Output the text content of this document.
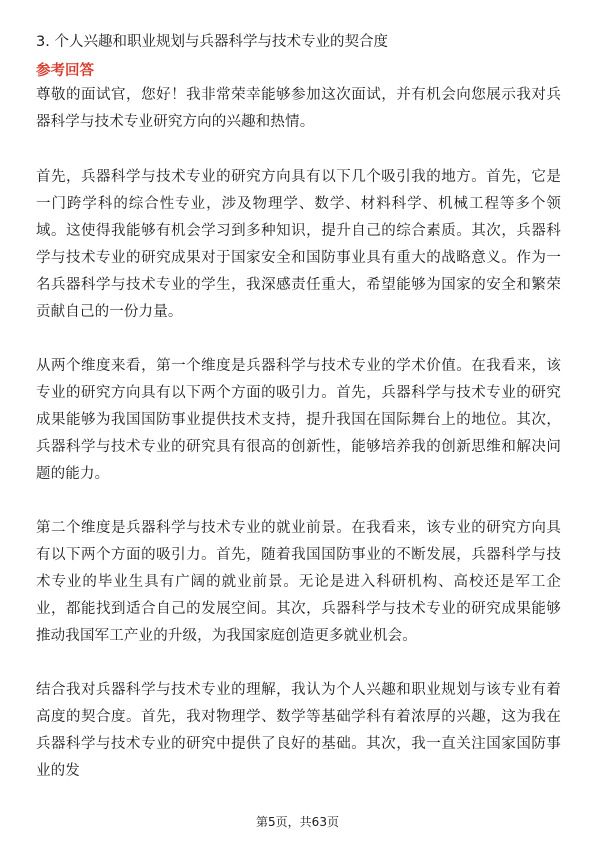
3. 个人兴趣和职业规划与兵器科学与技术专业的契合度

参考回答

尊敬的面试官，您好！我非常荣幸能够参加这次面试，并有机会向您展示我对兵器科学与技术专业研究方向的兴趣和热情。

首先，兵器科学与技术专业的研究方向具有以下几个吸引我的地方。首先，它是一门跨学科的综合性专业，涉及物理学、数学、材料科学、机械工程等多个领域。这使得我能够有机会学习到多种知识，提升自己的综合素质。其次，兵器科学与技术专业的研究成果对于国家安全和国防事业具有重大的战略意义。作为一名兵器科学与技术专业的学生，我深感责任重大，希望能够为国家的安全和繁荣贡献自己的一份力量。

从两个维度来看，第一个维度是兵器科学与技术专业的学术价值。在我看来，该专业的研究方向具有以下两个方面的吸引力。首先，兵器科学与技术专业的研究成果能够为我国国防事业提供技术支持，提升我国在国际舞台上的地位。其次，兵器科学与技术专业的研究具有很高的创新性，能够培养我的创新思维和解决问题的能力。

第二个维度是兵器科学与技术专业的就业前景。在我看来，该专业的研究方向具有以下两个方面的吸引力。首先，随着我国国防事业的不断发展，兵器科学与技术专业的毕业生具有广阔的就业前景。无论是进入科研机构、高校还是军工企业，都能找到适合自己的发展空间。其次，兵器科学与技术专业的研究成果能够推动我国军工产业的升级，为我国家庭创造更多就业机会。

结合我对兵器科学与技术专业的理解，我认为个人兴趣和职业规划与该专业有着高度的契合度。首先，我对物理学、数学等基础学科有着浓厚的兴趣，这为我在兵器科学与技术专业的研究中提供了良好的基础。其次，我一直关注国家国防事业的发

第5页，共63页
